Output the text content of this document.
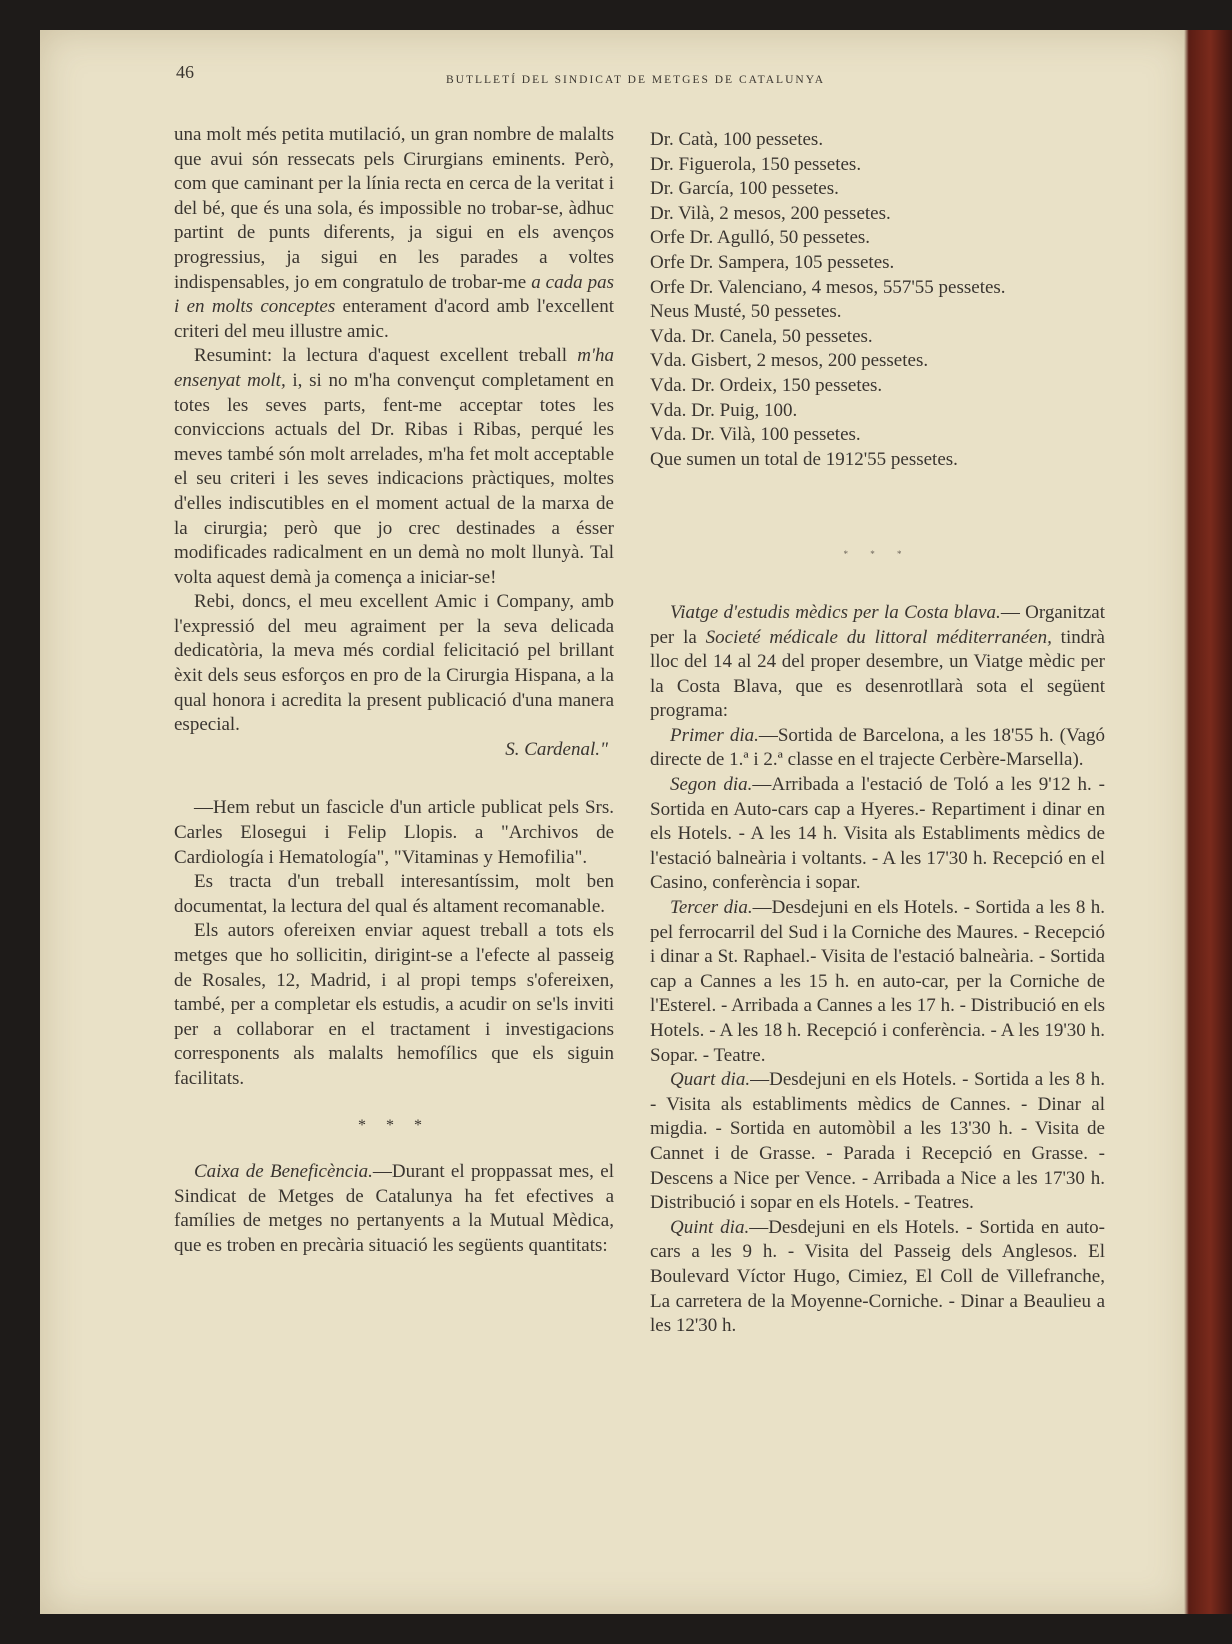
46	BUTLLETÍ DEL SINDICAT DE METGES DE CATALUNYA

una molt més petita mutilació, un gran nombre de malalts que avui són ressecats pels Cirurgians eminents. Però, com que caminant per la línia recta en cerca de la veritat i del bé, que és una sola, és impossible no trobar-se, àdhuc partint de punts diferents, ja sigui en els avenços progressius, ja sigui en les parades a voltes indispensables, jo em congratulo de trobar-me a cada pas i en molts conceptes enterament d'acord amb l'excellent criteri del meu illustre amic.

Resumint: la lectura d'aquest excellent treball m'ha ensenyat molt, i, si no m'ha convençut completament en totes les seves parts, fent-me acceptar totes les conviccions actuals del Dr. Ribas i Ribas, perqué les meves també són molt arrelades, m'ha fet molt acceptable el seu criteri i les seves indicacions pràctiques, moltes d'elles indiscutibles en el moment actual de la marxa de la cirurgia; però que jo crec destinades a ésser modificades radicalment en un demà no molt llunyà. Tal volta aquest demà ja comença a iniciar-se!

Rebi, doncs, el meu excellent Amic i Company, amb l'expressió del meu agraiment per la seva delicada dedicatòria, la meva més cordial felicitació pel brillant èxit dels seus esforços en pro de la Cirurgia Hispana, a la qual honora i acredita la present publicació d'una manera especial.

S. Cardenal."

—Hem rebut un fascicle d'un article publicat pels Srs. Carles Elosegui i Felip Llopis. a "Archivos de Cardiología i Hematología", "Vitaminas y Hemofilia".

Es tracta d'un treball interesantíssim, molt ben documentat, la lectura del qual és altament recomanable.

Els autors ofereixen enviar aquest treball a tots els metges que ho sollicitin, dirigint-se a l'efecte al passeig de Rosales, 12, Madrid, i al propi temps s'ofereixen, també, per a completar els estudis, a acudir on se'ls inviti per a collaborar en el tractament i investigacions corresponents als malalts hemofílics que els siguin facilitats.

* * *

Caixa de Beneficència.—Durant el proppassat mes, el Sindicat de Metges de Catalunya ha fet efectives a famílies de metges no pertanyents a la Mutual Mèdica, que es troben en precària situació les següents quantitats:

Dr. Catà, 100 pessetes.
Dr. Figuerola, 150 pessetes.
Dr. García, 100 pessetes.
Dr. Vilà, 2 mesos, 200 pessetes.
Orfe Dr. Agulló, 50 pessetes.
Orfe Dr. Sampera, 105 pessetes.
Orfe Dr. Valenciano, 4 mesos, 557'55 pessetes.
Neus Musté, 50 pessetes.
Vda. Dr. Canela, 50 pessetes.
Vda. Gisbert, 2 mesos, 200 pessetes.
Vda. Dr. Ordeix, 150 pessetes.
Vda. Dr. Puig, 100.
Vda. Dr. Vilà, 100 pessetes.
Que sumen un total de 1912'55 pessetes.
* * *

Viatge d'estudis mèdics per la Costa blava.— Organitzat per la Societé médicale du littoral méditerranéen, tindrà lloc del 14 al 24 del proper desembre, un Viatge mèdic per la Costa Blava, que es desenrotllarà sota el següent programa:

Primer dia.—Sortida de Barcelona, a les 18'55 h. (Vagó directe de 1.ª i 2.ª classe en el trajecte Cerbère-Marsella).

Segon dia.—Arribada a l'estació de Toló a les 9'12 h. - Sortida en Auto-cars cap a Hyeres.- Repartiment i dinar en els Hotels. - A les 14 h. Visita als Establiments mèdics de l'estació balneària i voltants. - A les 17'30 h. Recepció en el Casino, conferència i sopar.

Tercer dia.—Desdejuni en els Hotels. - Sortida a les 8 h. pel ferrocarril del Sud i la Corniche des Maures. - Recepció i dinar a St. Raphael.- Visita de l'estació balneària. - Sortida cap a Cannes a les 15 h. en auto-car, per la Corniche de l'Esterel. - Arribada a Cannes a les 17 h. - Distribució en els Hotels. - A les 18 h. Recepció i conferència. - A les 19'30 h. Sopar. - Teatre.

Quart dia.—Desdejuni en els Hotels. - Sortida a les 8 h. - Visita als establiments mèdics de Cannes. - Dinar al migdia. - Sortida en automòbil a les 13'30 h. - Visita de Cannet i de Grasse. - Parada i Recepció en Grasse. - Descens a Nice per Vence. - Arribada a Nice a les 17'30 h. Distribució i sopar en els Hotels. - Teatres.

Quint dia.—Desdejuni en els Hotels. - Sortida en auto-cars a les 9 h. - Visita del Passeig dels Anglesos. El Boulevard Víctor Hugo, Cimiez, El Coll de Villefranche, La carretera de la Moyenne-Corniche. - Dinar a Beaulieu a les 12'30 h.
